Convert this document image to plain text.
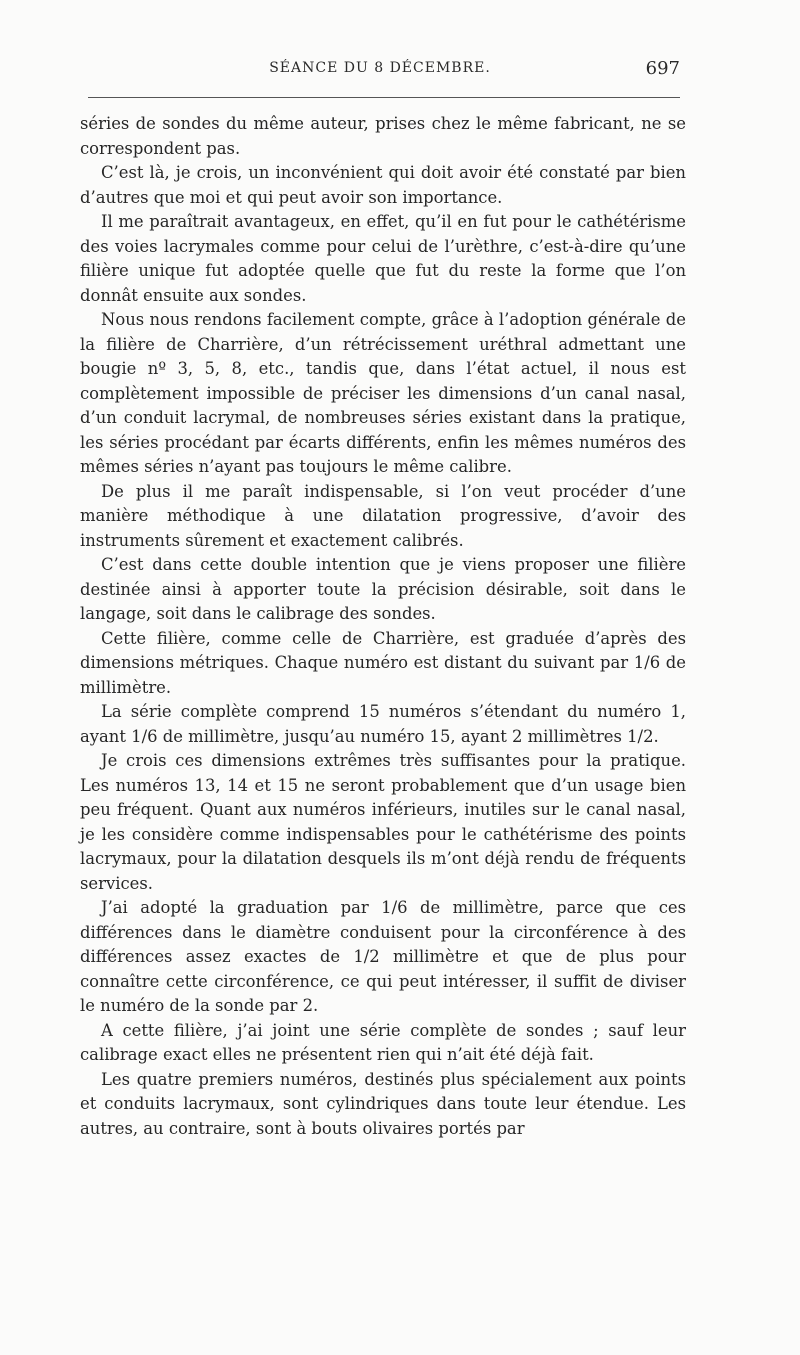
SÉANCE DU 8 DÉCEMBRE.	697

séries de sondes du même auteur, prises chez le même fabricant, ne se correspondent pas.

C’est là, je crois, un inconvénient qui doit avoir été constaté par bien d’autres que moi et qui peut avoir son importance.

Il me paraîtrait avantageux, en effet, qu’il en fut pour le cathétérisme des voies lacrymales comme pour celui de l’urèthre, c’est-à-dire qu’une filière unique fut adoptée quelle que fut du reste la forme que l’on donnât ensuite aux sondes.

Nous nous rendons facilement compte, grâce à l’adoption générale de la filière de Charrière, d’un rétrécissement uréthral admettant une bougie nº 3, 5, 8, etc., tandis que, dans l’état actuel, il nous est complètement impossible de préciser les dimensions d’un canal nasal, d’un conduit lacrymal, de nombreuses séries existant dans la pratique, les séries procédant par écarts différents, enfin les mêmes numéros des mêmes séries n’ayant pas toujours le même calibre.

De plus il me paraît indispensable, si l’on veut procéder d’une manière méthodique à une dilatation progressive, d’avoir des instruments sûrement et exactement calibrés.

C’est dans cette double intention que je viens proposer une filière destinée ainsi à apporter toute la précision désirable, soit dans le langage, soit dans le calibrage des sondes.

Cette filière, comme celle de Charrière, est graduée d’après des dimensions métriques. Chaque numéro est distant du suivant par 1/6 de millimètre.

La série complète comprend 15 numéros s’étendant du numéro 1, ayant 1/6 de millimètre, jusqu’au numéro 15, ayant 2 millimètres 1/2.

Je crois ces dimensions extrêmes très suffisantes pour la pratique. Les numéros 13, 14 et 15 ne seront probablement que d’un usage bien peu fréquent. Quant aux numéros inférieurs, inutiles sur le canal nasal, je les considère comme indispensables pour le cathétérisme des points lacrymaux, pour la dilatation desquels ils m’ont déjà rendu de fréquents services.

J’ai adopté la graduation par 1/6 de millimètre, parce que ces différences dans le diamètre conduisent pour la circonférence à des différences assez exactes de 1/2 millimètre et que de plus pour connaître cette circonférence, ce qui peut intéresser, il suffit de diviser le numéro de la sonde par 2.

A cette filière, j’ai joint une série complète de sondes ; sauf leur calibrage exact elles ne présentent rien qui n’ait été déjà fait.

Les quatre premiers numéros, destinés plus spécialement aux points et conduits lacrymaux, sont cylindriques dans toute leur étendue. Les autres, au contraire, sont à bouts olivaires portés par
